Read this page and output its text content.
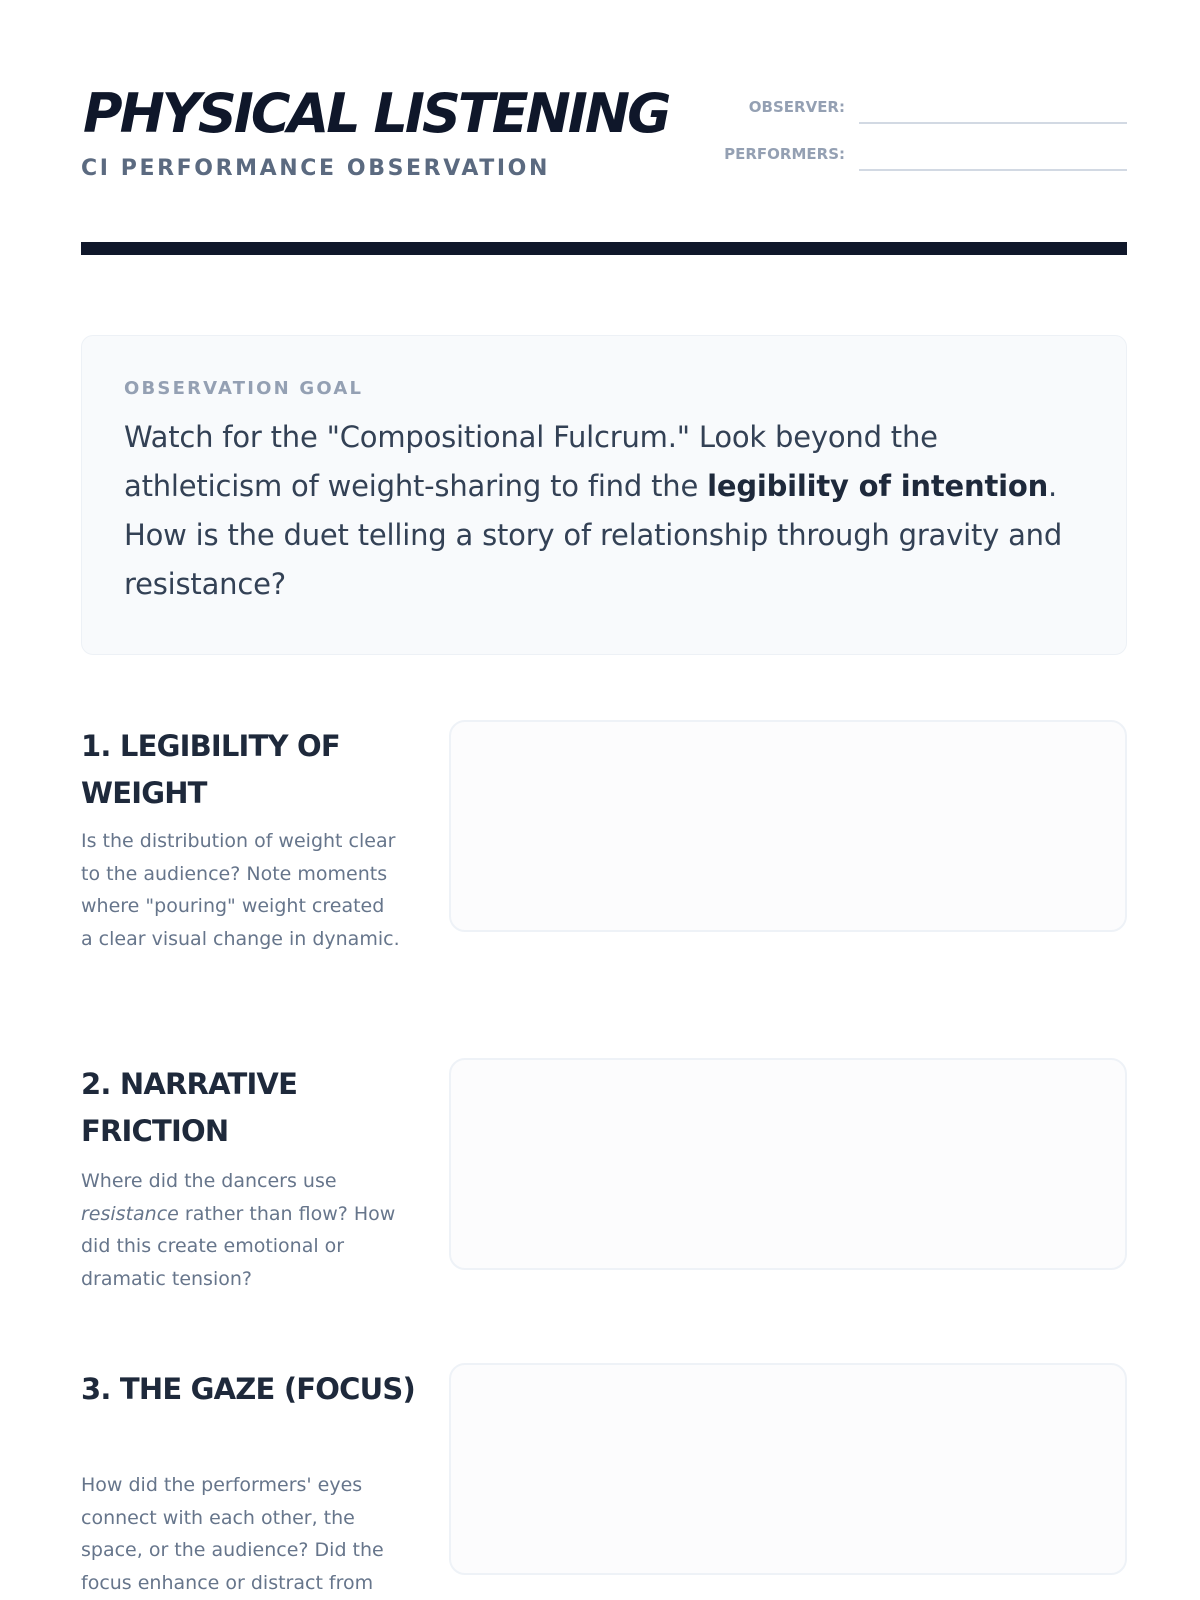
PHYSICAL LISTENING
CI PERFORMANCE OBSERVATION
OBSERVER:
PERFORMERS:
OBSERVATION GOAL
Watch for the "Compositional Fulcrum." Look beyond the athleticism of weight-sharing to find the legibility of intention. How is the duet telling a story of relationship through gravity and resistance?
1. LEGIBILITY OF WEIGHT

Is the distribution of weight clear to the audience? Note moments where "pouring" weight created a clear visual change in dynamic.

2. NARRATIVE FRICTION

Where did the dancers use resistance rather than flow? How did this create emotional or dramatic tension?

3. THE GAZE (FOCUS)

How did the performers' eyes connect with each other, the space, or the audience? Did the focus enhance or distract from
